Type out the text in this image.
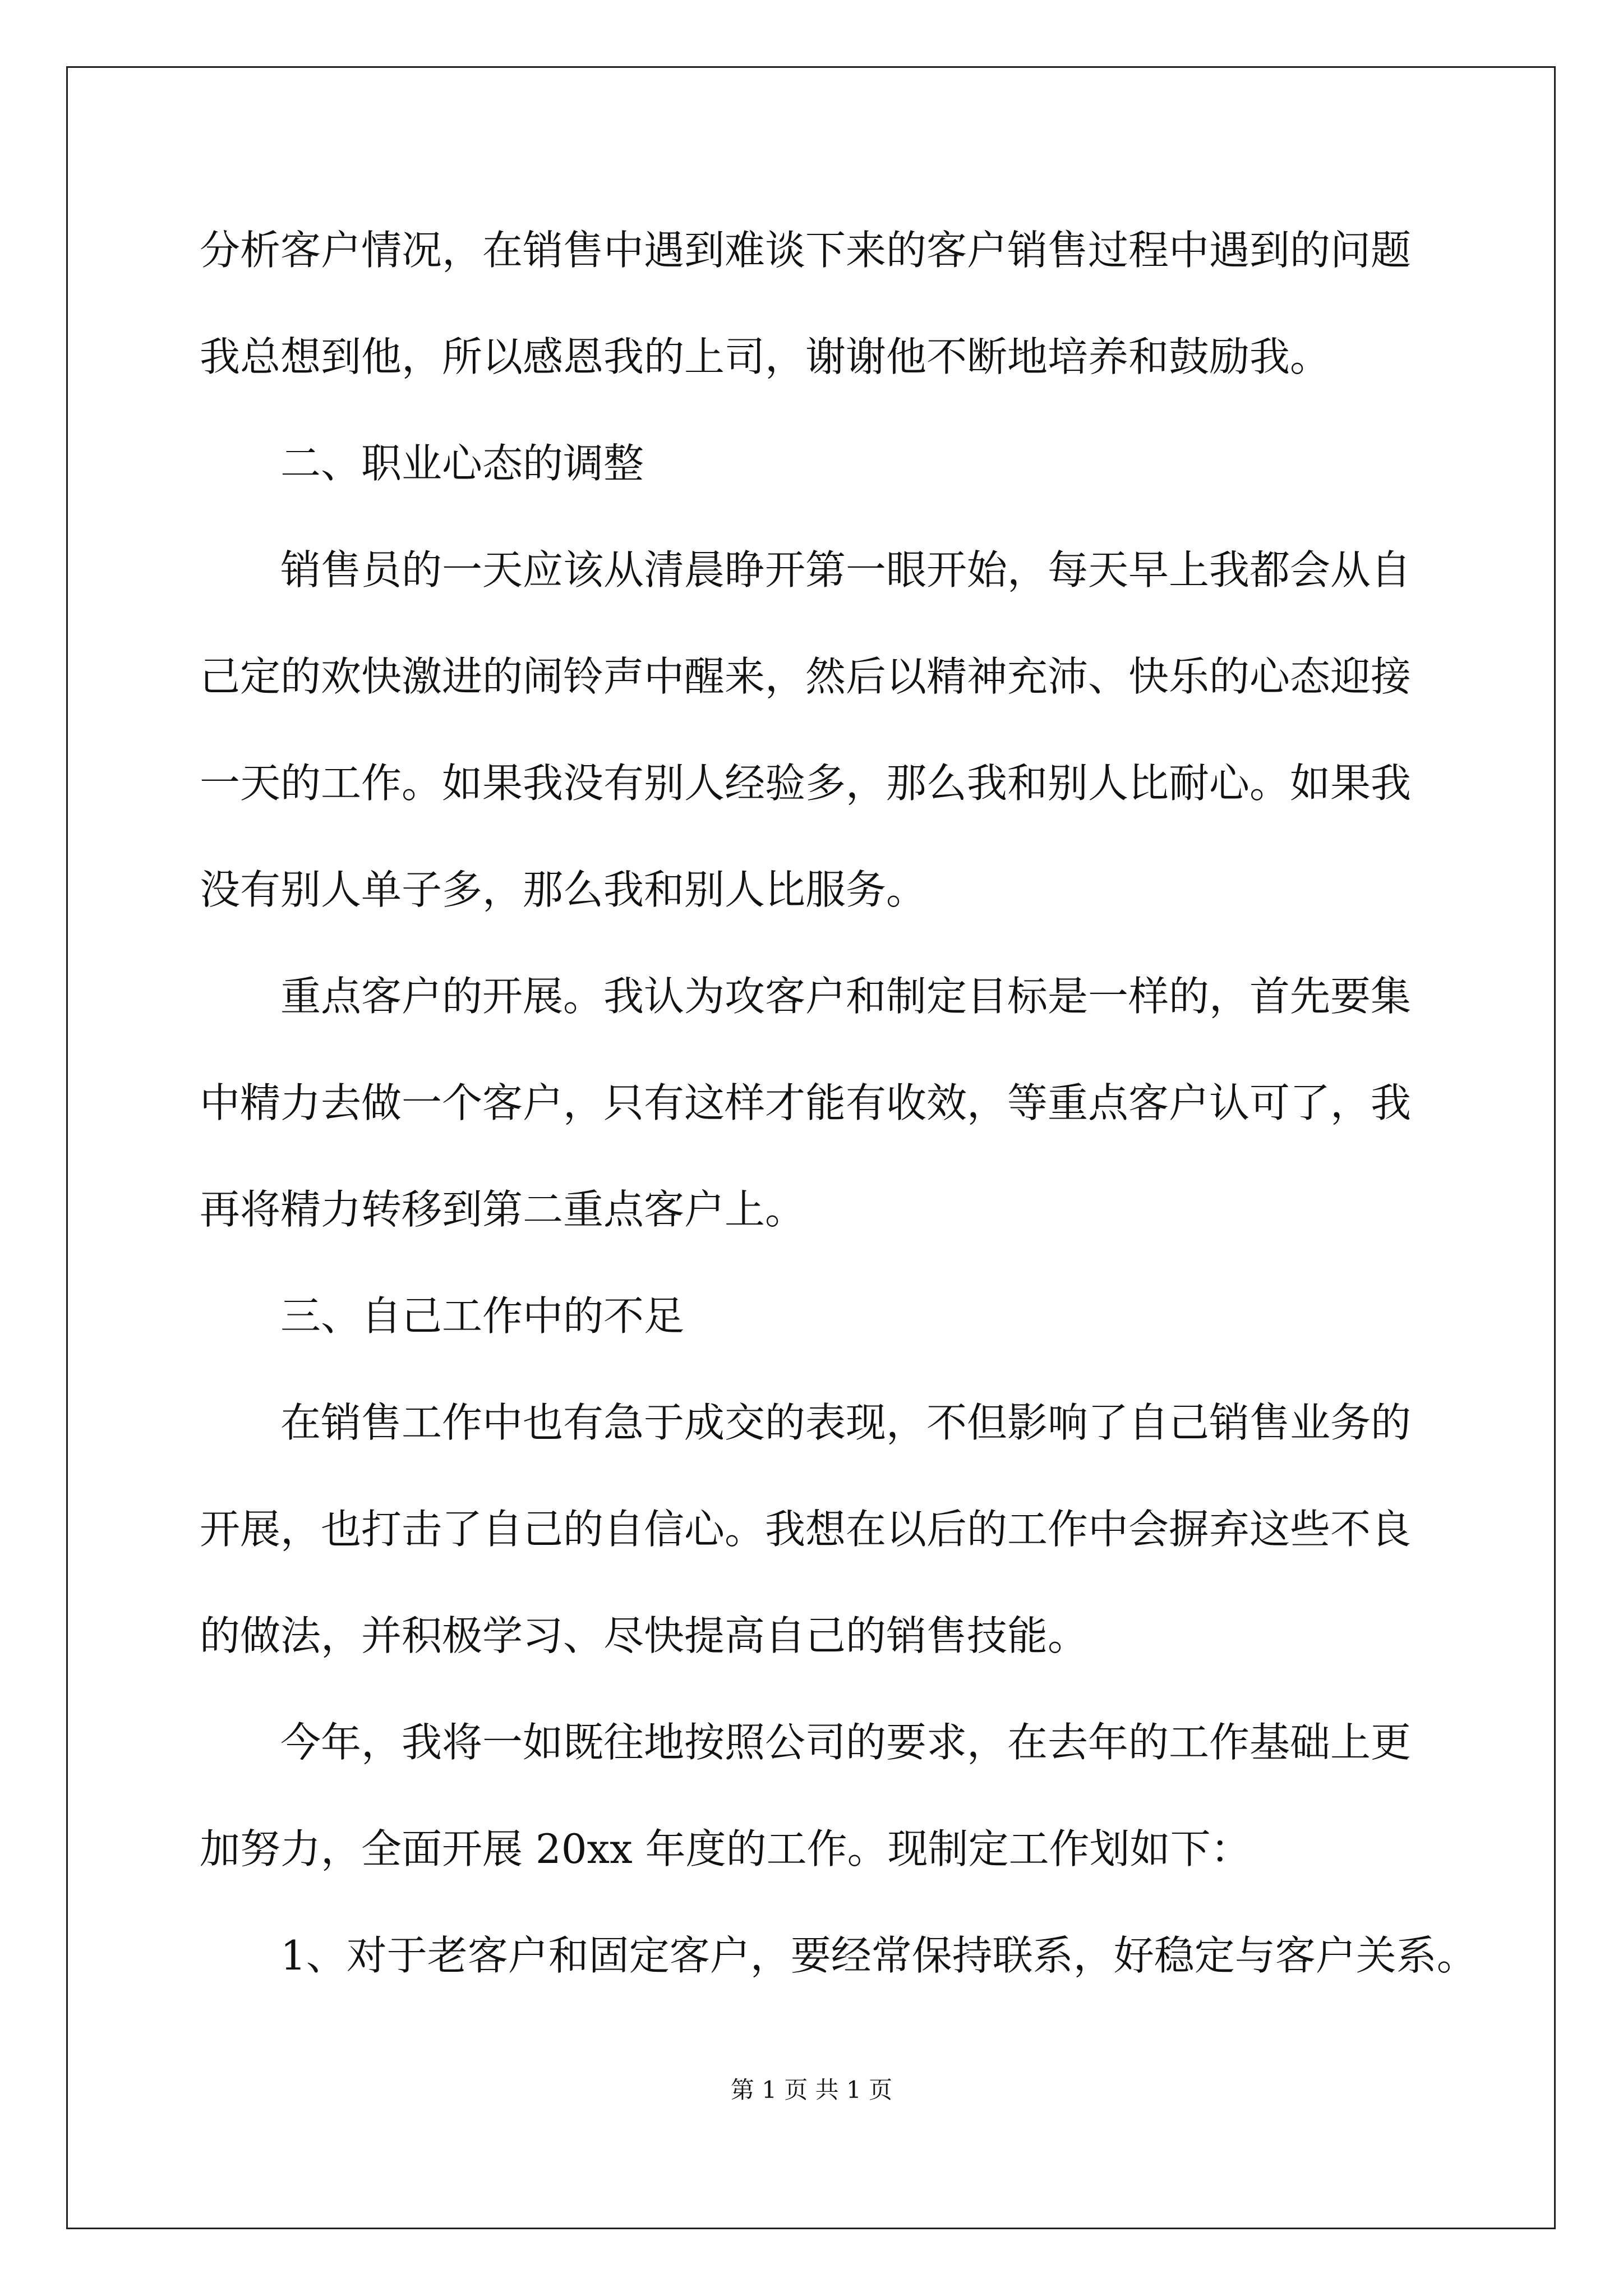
分析客户情况，在销售中遇到难谈下来的客户销售过程中遇到的问题

我总想到他，所以感恩我的上司，谢谢他不断地培养和鼓励我。

二、职业心态的调整

销售员的一天应该从清晨睁开第一眼开始，每天早上我都会从自

己定的欢快激进的闹铃声中醒来，然后以精神充沛、快乐的心态迎接

一天的工作。如果我没有别人经验多，那么我和别人比耐心。如果我

没有别人单子多，那么我和别人比服务。

重点客户的开展。我认为攻客户和制定目标是一样的，首先要集

中精力去做一个客户，只有这样才能有收效，等重点客户认可了，我

再将精力转移到第二重点客户上。

三、自己工作中的不足

在销售工作中也有急于成交的表现，不但影响了自己销售业务的

开展，也打击了自己的自信心。我想在以后的工作中会摒弃这些不良

的做法，并积极学习、尽快提高自己的销售技能。

今年，我将一如既往地按照公司的要求，在去年的工作基础上更

加努力，全面开展 20xx 年度的工作。现制定工作划如下：

1、对于老客户和固定客户，要经常保持联系，好稳定与客户关系。

第 1 页 共 1 页
